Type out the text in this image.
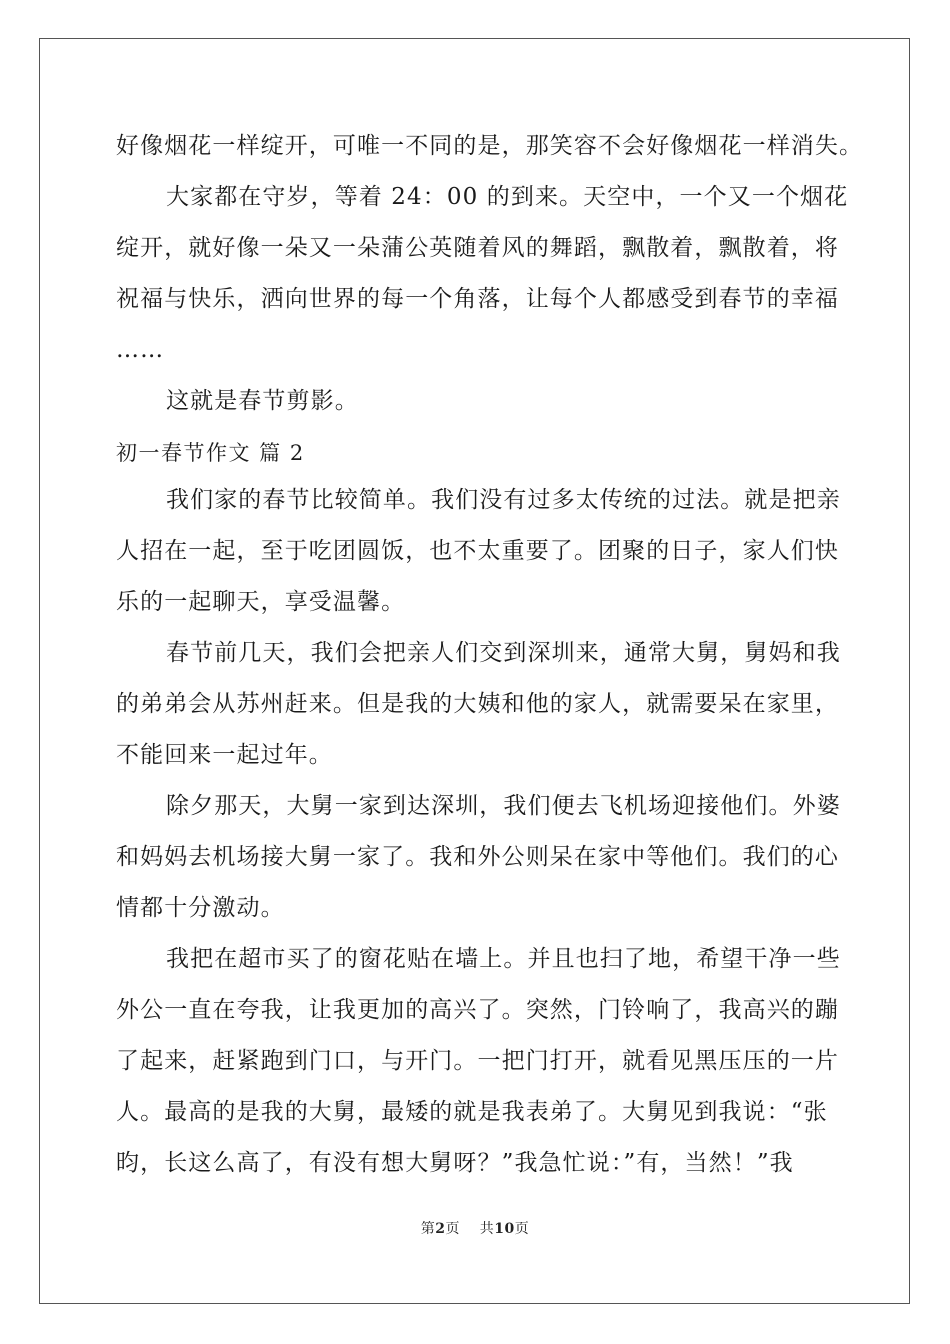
好像烟花一样绽开，可唯一不同的是，那笑容不会好像烟花一样消失。
大家都在守岁，等着 24：00 的到来。天空中，一个又一个烟花
绽开，就好像一朵又一朵蒲公英随着风的舞蹈，飘散着，飘散着，将
祝福与快乐，洒向世界的每一个角落，让每个人都感受到春节的幸福
……
这就是春节剪影。
初一春节作文 篇 2
我们家的春节比较简单。我们没有过多太传统的过法。就是把亲
人招在一起，至于吃团圆饭，也不太重要了。团聚的日子，家人们快
乐的一起聊天，享受温馨。
春节前几天，我们会把亲人们交到深圳来，通常大舅，舅妈和我
的弟弟会从苏州赶来。但是我的大姨和他的家人，就需要呆在家里，
不能回来一起过年。
除夕那天，大舅一家到达深圳，我们便去飞机场迎接他们。外婆
和妈妈去机场接大舅一家了。我和外公则呆在家中等他们。我们的心
情都十分激动。
我把在超市买了的窗花贴在墙上。并且也扫了地，希望干净一些
外公一直在夸我，让我更加的高兴了。突然，门铃响了，我高兴的蹦
了起来，赶紧跑到门口，与开门。一把门打开，就看见黑压压的一片
人。最高的是我的大舅，最矮的就是我表弟了。大舅见到我说：“张
昀，长这么高了，有没有想大舅呀？”我急忙说：”有，当然！”我
第2页 共10页
